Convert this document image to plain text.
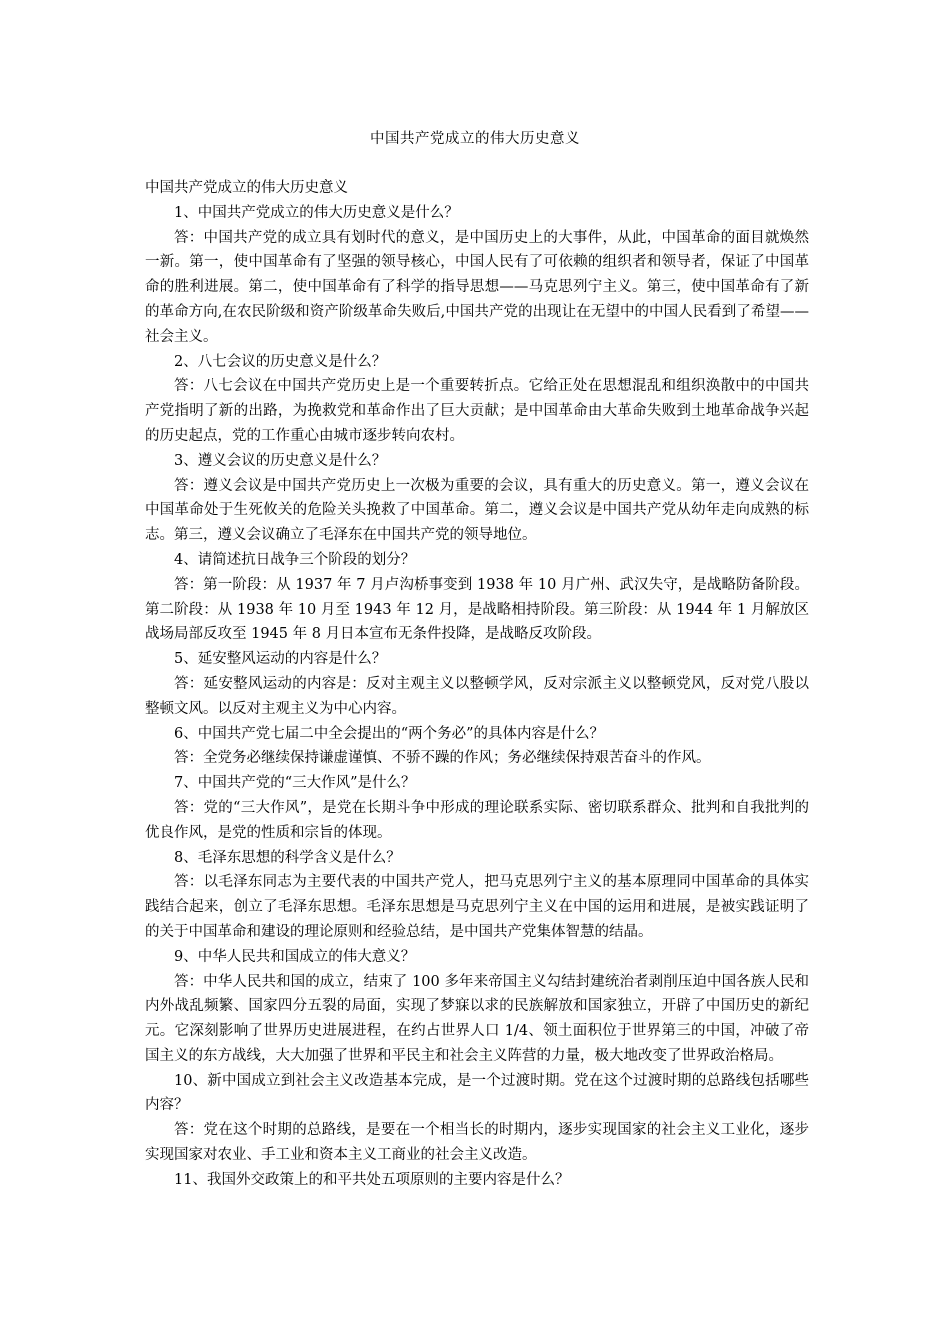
中国共产党成立的伟大历史意义

中国共产党成立的伟大历史意义

1、中国共产党成立的伟大历史意义是什么？

答：中国共产党的成立具有划时代的意义，是中国历史上的大事件，从此，中国革命的面目就焕然一新。第一，使中国革命有了坚强的领导核心，中国人民有了可依赖的组织者和领导者，保证了中国革命的胜利进展。第二，使中国革命有了科学的指导思想——马克思列宁主义。第三，使中国革命有了新的革命方向,在农民阶级和资产阶级革命失败后,中国共产党的出现让在无望中的中国人民看到了希望——社会主义。

2、八七会议的历史意义是什么？

答：八七会议在中国共产党历史上是一个重要转折点。它给正处在思想混乱和组织涣散中的中国共产党指明了新的出路，为挽救党和革命作出了巨大贡献；是中国革命由大革命失败到土地革命战争兴起的历史起点，党的工作重心由城市逐步转向农村。

3、遵义会议的历史意义是什么？

答：遵义会议是中国共产党历史上一次极为重要的会议，具有重大的历史意义。第一，遵义会议在中国革命处于生死攸关的危险关头挽救了中国革命。第二，遵义会议是中国共产党从幼年走向成熟的标志。第三，遵义会议确立了毛泽东在中国共产党的领导地位。

4、请简述抗日战争三个阶段的划分？

答：第一阶段：从 1937 年 7 月卢沟桥事变到 1938 年 10 月广州、武汉失守，是战略防备阶段。第二阶段：从 1938 年 10 月至 1943 年 12 月，是战略相持阶段。第三阶段：从 1944 年 1 月解放区战场局部反攻至 1945 年 8 月日本宣布无条件投降，是战略反攻阶段。

5、延安整风运动的内容是什么？

答：延安整风运动的内容是：反对主观主义以整顿学风，反对宗派主义以整顿党风，反对党八股以整顿文风。以反对主观主义为中心内容。

6、中国共产党七届二中全会提出的“两个务必”的具体内容是什么？

答：全党务必继续保持谦虚谨慎、不骄不躁的作风；务必继续保持艰苦奋斗的作风。

7、中国共产党的“三大作风”是什么？

答：党的“三大作风”，是党在长期斗争中形成的理论联系实际、密切联系群众、批判和自我批判的优良作风，是党的性质和宗旨的体现。

8、毛泽东思想的科学含义是什么？

答：以毛泽东同志为主要代表的中国共产党人，把马克思列宁主义的基本原理同中国革命的具体实践结合起来，创立了毛泽东思想。毛泽东思想是马克思列宁主义在中国的运用和进展，是被实践证明了的关于中国革命和建设的理论原则和经验总结，是中国共产党集体智慧的结晶。

9、中华人民共和国成立的伟大意义？

答：中华人民共和国的成立，结束了 100 多年来帝国主义勾结封建统治者剥削压迫中国各族人民和内外战乱频繁、国家四分五裂的局面，实现了梦寐以求的民族解放和国家独立，开辟了中国历史的新纪元。它深刻影响了世界历史进展进程，在约占世界人口 1/4、领土面积位于世界第三的中国，冲破了帝国主义的东方战线，大大加强了世界和平民主和社会主义阵营的力量，极大地改变了世界政治格局。

10、新中国成立到社会主义改造基本完成，是一个过渡时期。党在这个过渡时期的总路线包括哪些内容？

答：党在这个时期的总路线，是要在一个相当长的时期内，逐步实现国家的社会主义工业化，逐步实现国家对农业、手工业和资本主义工商业的社会主义改造。

11、我国外交政策上的和平共处五项原则的主要内容是什么？
